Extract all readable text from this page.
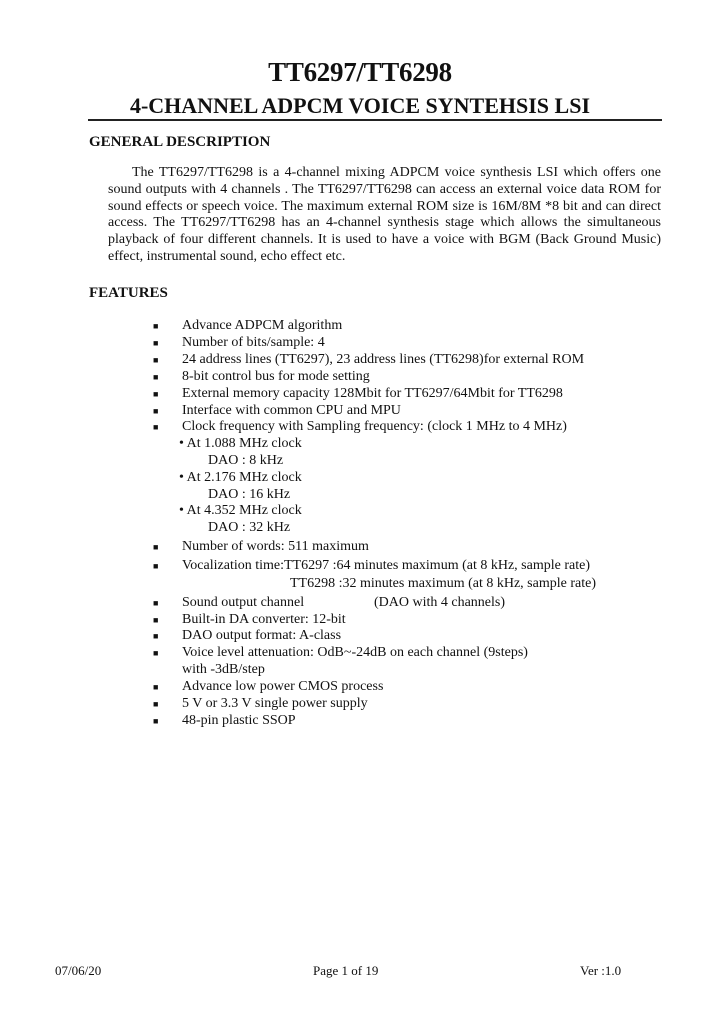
TT6297/TT6298
4-CHANNEL ADPCM VOICE SYNTEHSIS LSI
GENERAL DESCRIPTION
The TT6297/TT6298 is a 4-channel mixing ADPCM voice synthesis LSI which offers one sound outputs with 4 channels . The TT6297/TT6298 can access an external voice data ROM for sound effects or speech voice. The maximum external ROM size is 16M/8M *8 bit and can direct access. The TT6297/TT6298 has an 4-channel synthesis stage which allows the simultaneous playback of four different channels. It is used to have a voice with BGM (Back Ground Music) effect, instrumental sound, echo effect etc.
FEATURES
■ Advance ADPCM algorithm
■ Number of bits/sample: 4
■ 24 address lines (TT6297), 23 address lines (TT6298)for external ROM
■ 8-bit control bus for mode setting
■ External memory capacity 128Mbit for TT6297/64Mbit for TT6298
■ Interface with common CPU and MPU
■ Clock frequency with Sampling frequency: (clock 1 MHz to 4 MHz)
• At 1.088 MHz clock
DAO : 8 kHz
• At 2.176 MHz clock
DAO : 16 kHz
• At 4.352 MHz clock
DAO : 32 kHz
■ Number of words: 511 maximum
■ Vocalization time:TT6297 :64 minutes maximum (at 8 kHz, sample rate)
TT6298 :32 minutes maximum (at 8 kHz, sample rate)
■ Sound output channel	(DAO with 4 channels)
■ Built-in DA converter: 12-bit
■ DAO output format: A-class
■ Voice level attenuation: OdB~-24dB on each channel (9steps)
with -3dB/step
■ Advance low power CMOS process
■ 5 V or 3.3 V single power supply
■ 48-pin plastic SSOP
07/06/20	Page 1 of 19	Ver :1.0
